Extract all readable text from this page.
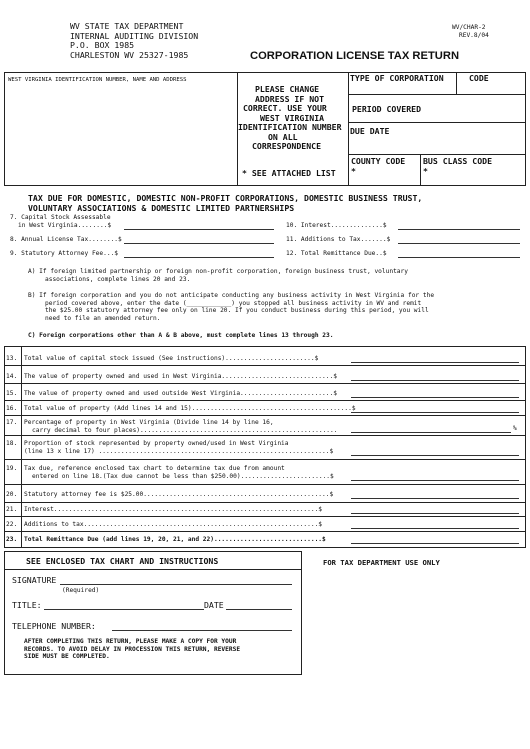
WV STATE TAX DEPARTMENT
INTERNAL AUDITING DIVISION
P.O. BOX 1985
CHARLESTON WV 25327-1985
WV/CHAR-2
REV.8/04
CORPORATION LICENSE TAX RETURN
WEST VIRGINIA IDENTIFICATION NUMBER, NAME AND ADDRESS
PLEASE CHANGE
ADDRESS IF NOT
CORRECT. USE YOUR
WEST VIRGINIA
IDENTIFICATION NUMBER
ON ALL
CORRESPONDENCE
* SEE ATTACHED LIST
TYPE OF CORPORATION	CODE
PERIOD COVERED
DUE DATE
COUNTY CODE
*
BUS CLASS CODE
*
TAX DUE FOR DOMESTIC, DOMESTIC NON-PROFIT CORPORATIONS, DOMESTIC BUSINESS TRUST,
VOLUNTARY ASSOCIATIONS & DOMESTIC LIMITED PARTNERSHIPS
7. Capital Stock Assessable
in West Virginia........$
8. Annual License Tax........$
9. Statutory Attorney Fee...$
10. Interest..............$
11. Additions to Tax.......$
12. Total Remittance Due..$
A) If foreign limited partnership or foreign non-profit corporation, foreign business trust, voluntary
associations, complete lines 20 and 23.
B) If foreign corporation and you do not anticipate conducting any business activity in West Virginia for the
period covered above, enter the date (____________) you stopped all business activity in WV and remit
the $25.00 statutory attorney fee only on line 20. If you conduct business during this period, you will
need to file an amended return.
C) Foreign corporations other than A & B above, must complete lines 13 through 23.
13. Total value of capital stock issued (See instructions)........................$
14. The value of property owned and used in West Virginia..............................$
15. The value of property owned and used outside West Virginia.........................$
16. Total value of property (Add lines 14 and 15)...........................................$
17. Percentage of property in West Virginia (Divide line 14 by line 16,
carry decimal to four places).....................................................	%
18. Proportion of stock represented by property owned/used in West Virginia
(line 13 x line 17) ..............................................................$
19. Tax due, reference enclosed tax chart to determine tax due from amount
entered on line 18.(Tax due cannot be less than $250.00)........................$
20. Statutory attorney fee is $25.00..................................................$
21. Interest.......................................................................$
22. Additions to tax...............................................................$
23. Total Remittance Due (add lines 19, 20, 21, and 22).............................$
SEE ENCLOSED TAX CHART AND INSTRUCTIONS
SIGNATURE
(Required)
TITLE:	DATE
TELEPHONE NUMBER:
AFTER COMPLETING THIS RETURN, PLEASE MAKE A COPY FOR YOUR
RECORDS. TO AVOID DELAY IN PROCESSION THIS RETURN, REVERSE
SIDE MUST BE COMPLETED.
FOR TAX DEPARTMENT USE ONLY
